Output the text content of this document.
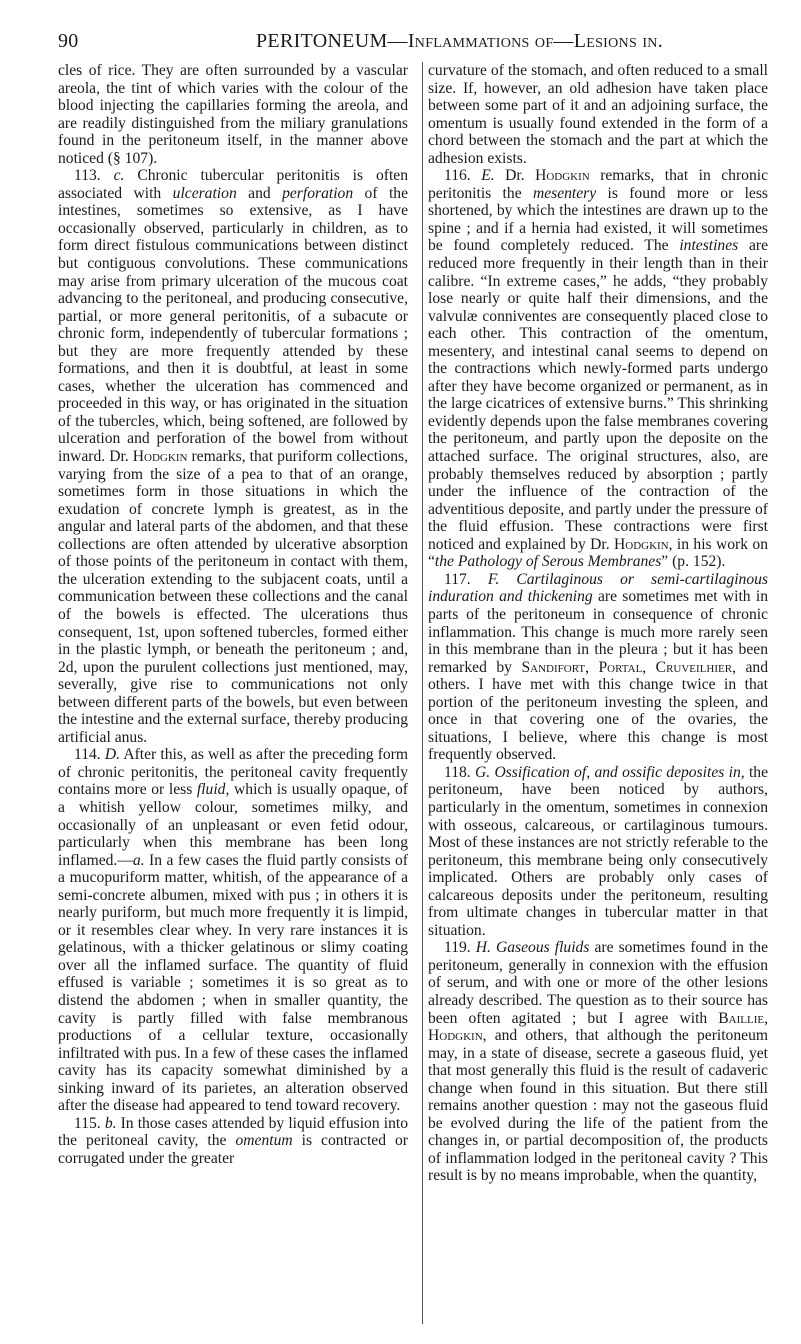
90	PERITONEUM—Inflammations of—Lesions in.

cles of rice. They are often surrounded by a vascular areola, the tint of which varies with the colour of the blood injecting the capillaries forming the areola, and are readily distinguished from the miliary granulations found in the peritoneum itself, in the manner above noticed (§ 107).

113. c. Chronic tubercular peritonitis is often associated with ulceration and perforation of the intestines, sometimes so extensive, as I have occasionally observed, particularly in children, as to form direct fistulous communications between distinct but contiguous convolutions. These communications may arise from primary ulceration of the mucous coat advancing to the peritoneal, and producing consecutive, partial, or more general peritonitis, of a subacute or chronic form, independently of tubercular formations ; but they are more frequently attended by these formations, and then it is doubtful, at least in some cases, whether the ulceration has commenced and proceeded in this way, or has originated in the situation of the tubercles, which, being softened, are followed by ulceration and perforation of the bowel from without inward. Dr. Hodgkin remarks, that puriform collections, varying from the size of a pea to that of an orange, sometimes form in those situations in which the exudation of concrete lymph is greatest, as in the angular and lateral parts of the abdomen, and that these collections are often attended by ulcerative absorption of those points of the peritoneum in contact with them, the ulceration extending to the subjacent coats, until a communication between these collections and the canal of the bowels is effected. The ulcerations thus consequent, 1st, upon softened tubercles, formed either in the plastic lymph, or beneath the peritoneum ; and, 2d, upon the purulent collections just mentioned, may, severally, give rise to communications not only between different parts of the bowels, but even between the intestine and the external surface, thereby producing artificial anus.

114. D. After this, as well as after the preceding form of chronic peritonitis, the peritoneal cavity frequently contains more or less fluid, which is usually opaque, of a whitish yellow colour, sometimes milky, and occasionally of an unpleasant or even fetid odour, particularly when this membrane has been long inflamed.—a. In a few cases the fluid partly consists of a mucopuriform matter, whitish, of the appearance of a semi-concrete albumen, mixed with pus ; in others it is nearly puriform, but much more frequently it is limpid, or it resembles clear whey. In very rare instances it is gelatinous, with a thicker gelatinous or slimy coating over all the inflamed surface. The quantity of fluid effused is variable ; sometimes it is so great as to distend the abdomen ; when in smaller quantity, the cavity is partly filled with false membranous productions of a cellular texture, occasionally infiltrated with pus. In a few of these cases the inflamed cavity has its capacity somewhat diminished by a sinking inward of its parietes, an alteration observed after the disease had appeared to tend toward recovery.

115. b. In those cases attended by liquid effusion into the peritoneal cavity, the omentum is contracted or corrugated under the greater

curvature of the stomach, and often reduced to a small size. If, however, an old adhesion have taken place between some part of it and an adjoining surface, the omentum is usually found extended in the form of a chord between the stomach and the part at which the adhesion exists.

116. E. Dr. Hodgkin remarks, that in chronic peritonitis the mesentery is found more or less shortened, by which the intestines are drawn up to the spine ; and if a hernia had existed, it will sometimes be found completely reduced. The intestines are reduced more frequently in their length than in their calibre. “In extreme cases,” he adds, “they probably lose nearly or quite half their dimensions, and the valvulæ conniventes are consequently placed close to each other. This contraction of the omentum, mesentery, and intestinal canal seems to depend on the contractions which newly-formed parts undergo after they have become organized or permanent, as in the large cicatrices of extensive burns.” This shrinking evidently depends upon the false membranes covering the peritoneum, and partly upon the deposite on the attached surface. The original structures, also, are probably themselves reduced by absorption ; partly under the influence of the contraction of the adventitious deposite, and partly under the pressure of the fluid effusion. These contractions were first noticed and explained by Dr. Hodgkin, in his work on “the Pathology of Serous Membranes” (p. 152).

117. F. Cartilaginous or semi-cartilaginous induration and thickening are sometimes met with in parts of the peritoneum in consequence of chronic inflammation. This change is much more rarely seen in this membrane than in the pleura ; but it has been remarked by Sandifort, Portal, Cruveilhier, and others. I have met with this change twice in that portion of the peritoneum investing the spleen, and once in that covering one of the ovaries, the situations, I believe, where this change is most frequently observed.

118. G. Ossification of, and ossific deposites in, the peritoneum, have been noticed by authors, particularly in the omentum, sometimes in connexion with osseous, calcareous, or cartilaginous tumours. Most of these instances are not strictly referable to the peritoneum, this membrane being only consecutively implicated. Others are probably only cases of calcareous deposits under the peritoneum, resulting from ultimate changes in tubercular matter in that situation.

119. H. Gaseous fluids are sometimes found in the peritoneum, generally in connexion with the effusion of serum, and with one or more of the other lesions already described. The question as to their source has been often agitated ; but I agree with Baillie, Hodgkin, and others, that although the peritoneum may, in a state of disease, secrete a gaseous fluid, yet that most generally this fluid is the result of cadaveric change when found in this situation. But there still remains another question : may not the gaseous fluid be evolved during the life of the patient from the changes in, or partial decomposition of, the products of inflammation lodged in the peritoneal cavity ? This result is by no means improbable, when the quantity,
